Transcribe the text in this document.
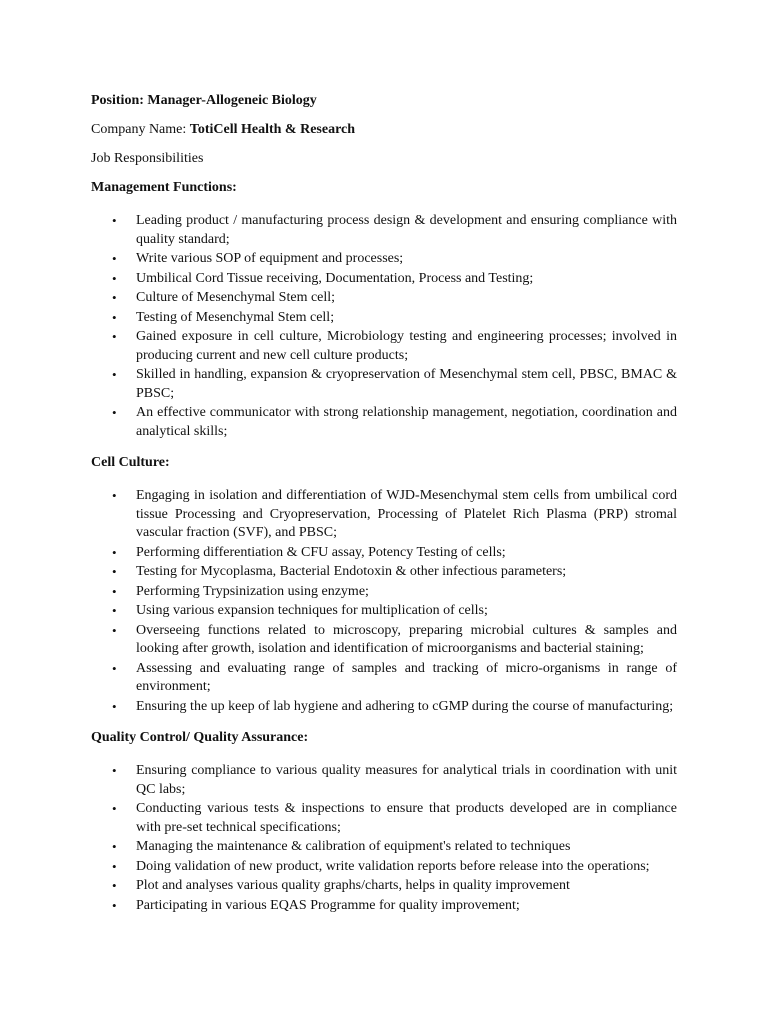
Position: Manager-Allogeneic Biology

Company Name: TotiCell Health & Research

Job Responsibilities

Management Functions:

• Leading product / manufacturing process design & development and ensuring compliance with quality standard;
• Write various SOP of equipment and processes;
• Umbilical Cord Tissue receiving, Documentation, Process and Testing;
• Culture of Mesenchymal Stem cell;
• Testing of Mesenchymal Stem cell;
• Gained exposure in cell culture, Microbiology testing and engineering processes; involved in producing current and new cell culture products;
• Skilled in handling, expansion & cryopreservation of Mesenchymal stem cell, PBSC, BMAC & PBSC;
• An effective communicator with strong relationship management, negotiation, coordination and analytical skills;

Cell Culture:

• Engaging in isolation and differentiation of WJD-Mesenchymal stem cells from umbilical cord tissue Processing and Cryopreservation, Processing of Platelet Rich Plasma (PRP) stromal vascular fraction (SVF), and PBSC;
• Performing differentiation & CFU assay, Potency Testing of cells;
• Testing for Mycoplasma, Bacterial Endotoxin & other infectious parameters;
• Performing Trypsinization using enzyme;
• Using various expansion techniques for multiplication of cells;
• Overseeing functions related to microscopy, preparing microbial cultures & samples and looking after growth, isolation and identification of microorganisms and bacterial staining;
• Assessing and evaluating range of samples and tracking of micro-organisms in range of environment;
• Ensuring the up keep of lab hygiene and adhering to cGMP during the course of manufacturing;

Quality Control/ Quality Assurance:

• Ensuring compliance to various quality measures for analytical trials in coordination with unit QC labs;
• Conducting various tests & inspections to ensure that products developed are in compliance with pre-set technical specifications;
• Managing the maintenance & calibration of equipment's related to techniques
• Doing validation of new product, write validation reports before release into the operations;
• Plot and analyses various quality graphs/charts, helps in quality improvement
• Participating in various EQAS Programme for quality improvement;
